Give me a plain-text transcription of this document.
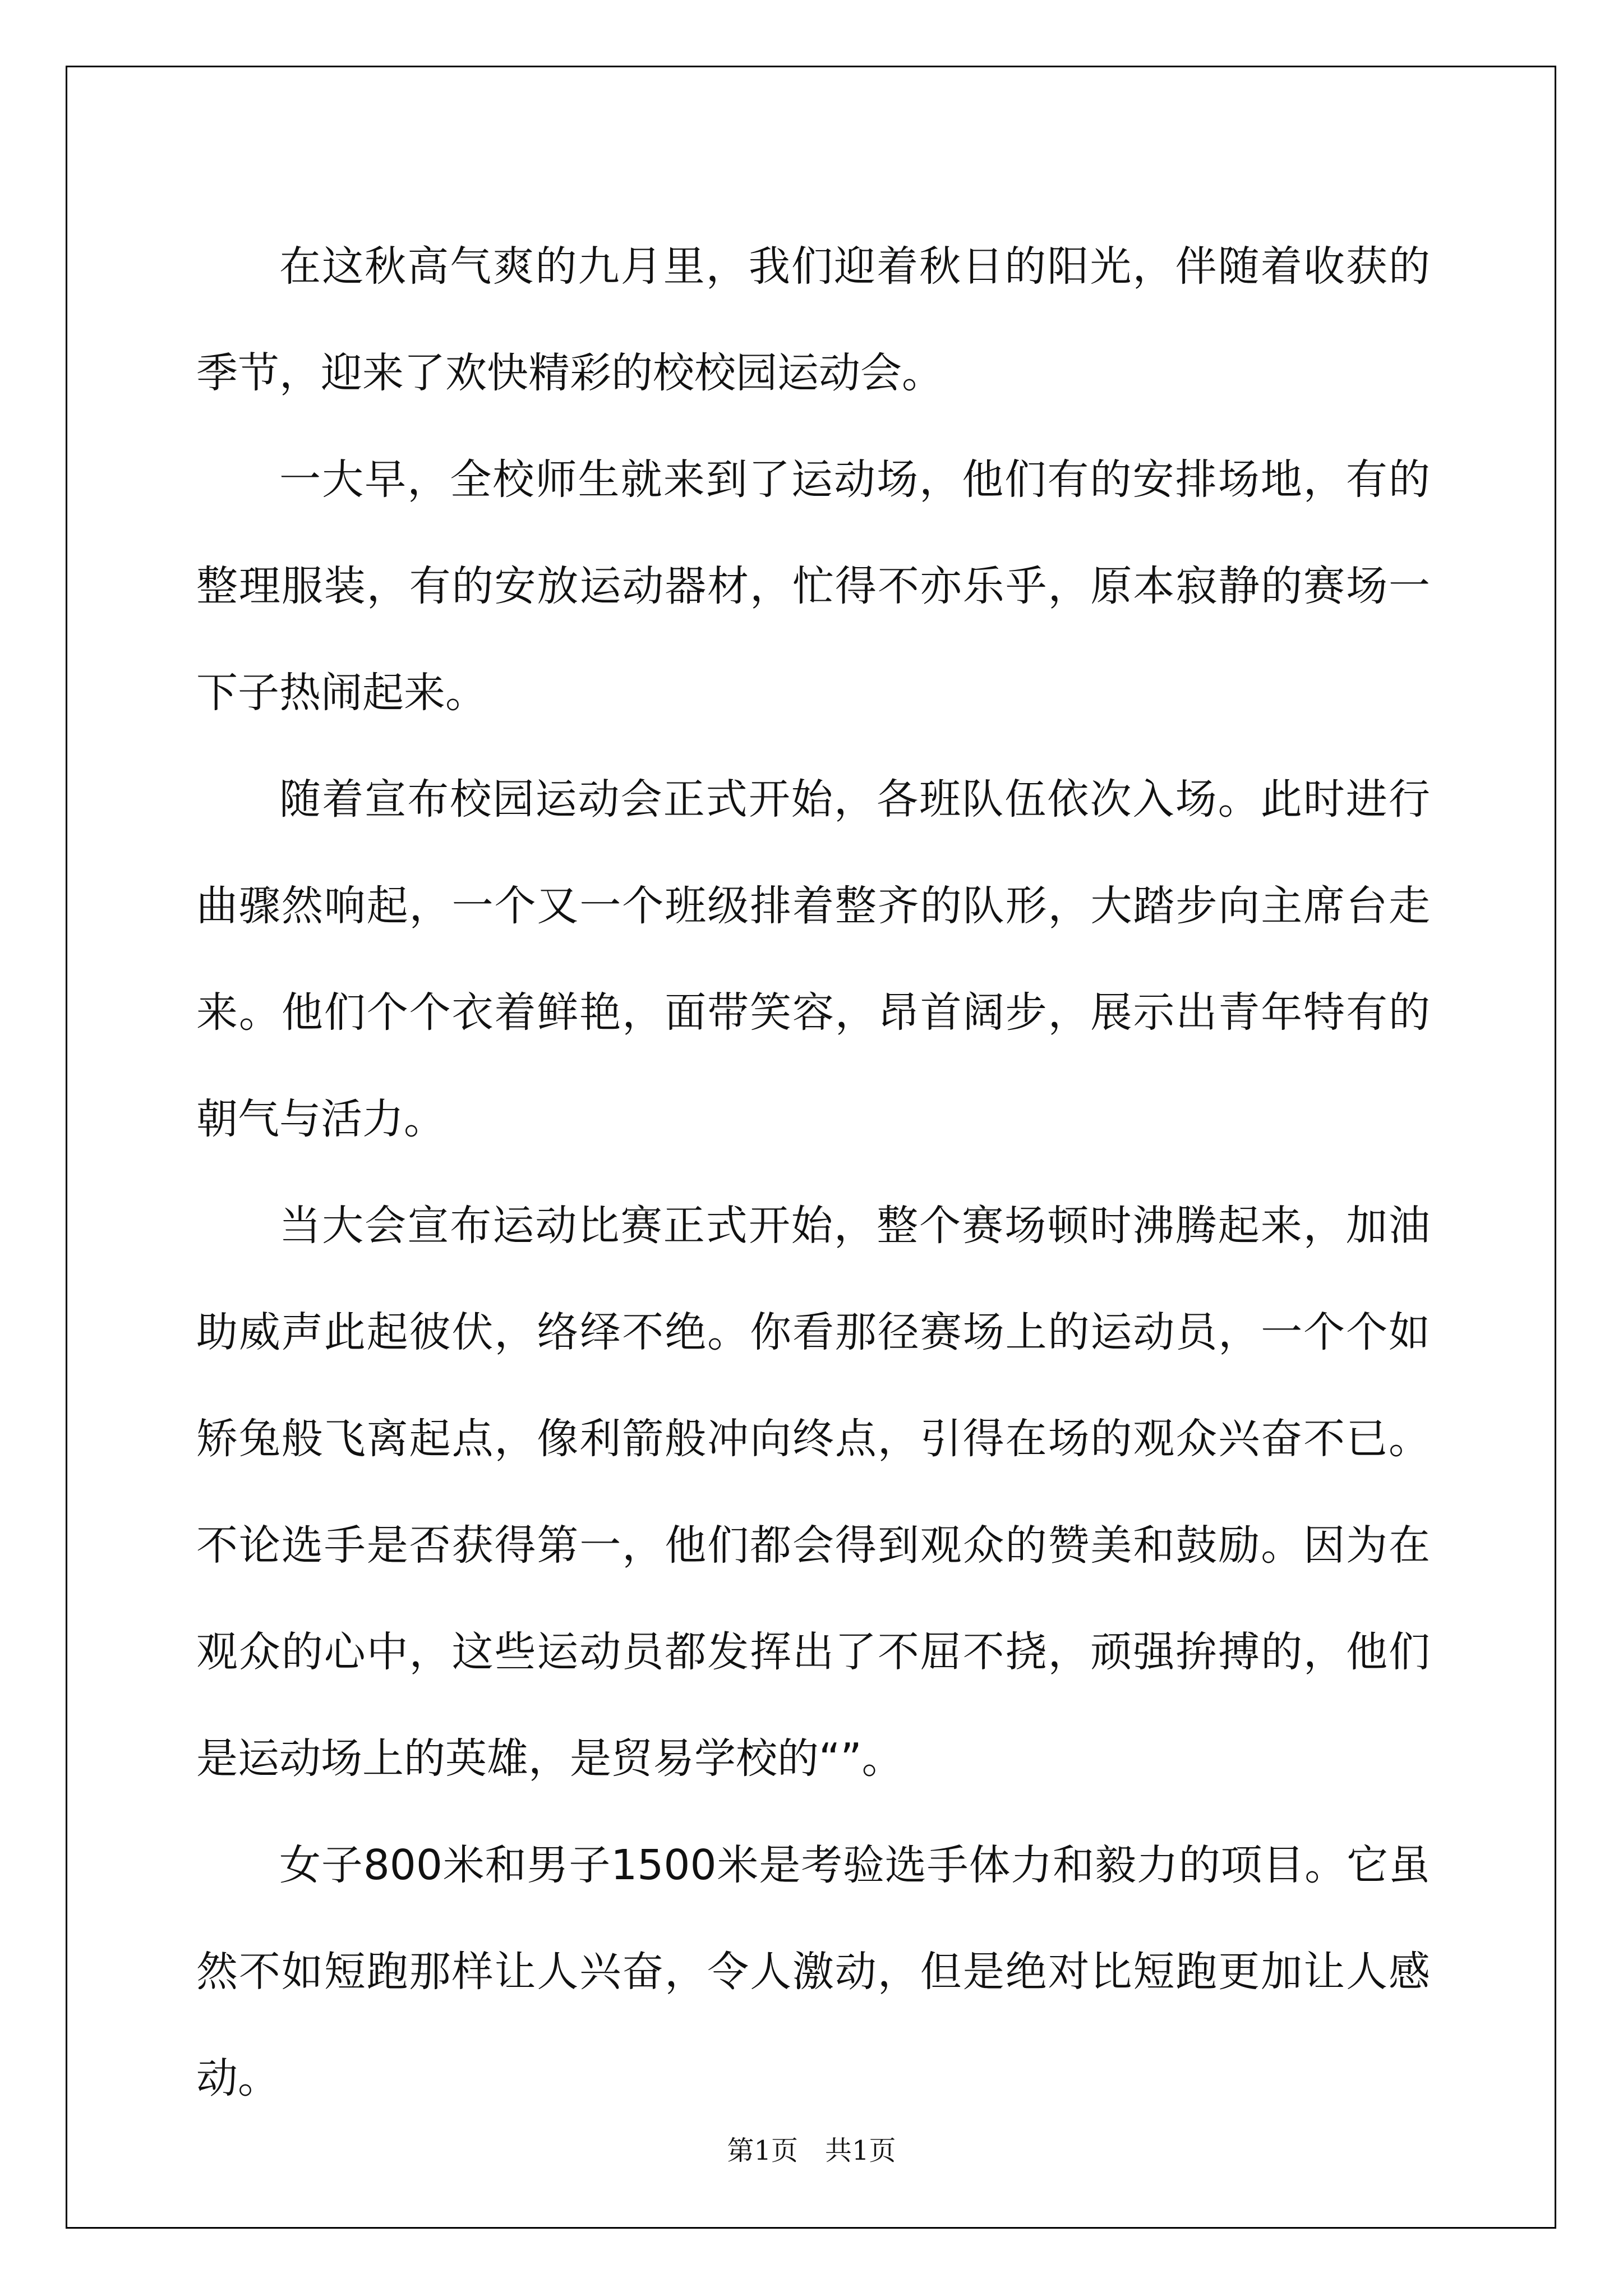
在这秋高气爽的九月里，我们迎着秋日的阳光，伴随着收获的季节，迎来了欢快精彩的校校园运动会。

一大早，全校师生就来到了运动场，他们有的安排场地，有的整理服装，有的安放运动器材，忙得不亦乐乎，原本寂静的赛场一下子热闹起来。

随着宣布校园运动会正式开始，各班队伍依次入场。此时进行曲骤然响起，一个又一个班级排着整齐的队形，大踏步向主席台走来。他们个个衣着鲜艳，面带笑容，昂首阔步，展示出青年特有的朝气与活力。

当大会宣布运动比赛正式开始，整个赛场顿时沸腾起来，加油助威声此起彼伏，络绎不绝。你看那径赛场上的运动员，一个个如矫兔般飞离起点，像利箭般冲向终点，引得在场的观众兴奋不已。不论选手是否获得第一，他们都会得到观众的赞美和鼓励。因为在观众的心中，这些运动员都发挥出了不屈不挠，顽强拚搏的，他们是运动场上的英雄，是贸易学校的“”。

女子800米和男子1500米是考验选手体力和毅力的项目。它虽然不如短跑那样让人兴奋，令人激动，但是绝对比短跑更加让人感动。

第1页　共1页
